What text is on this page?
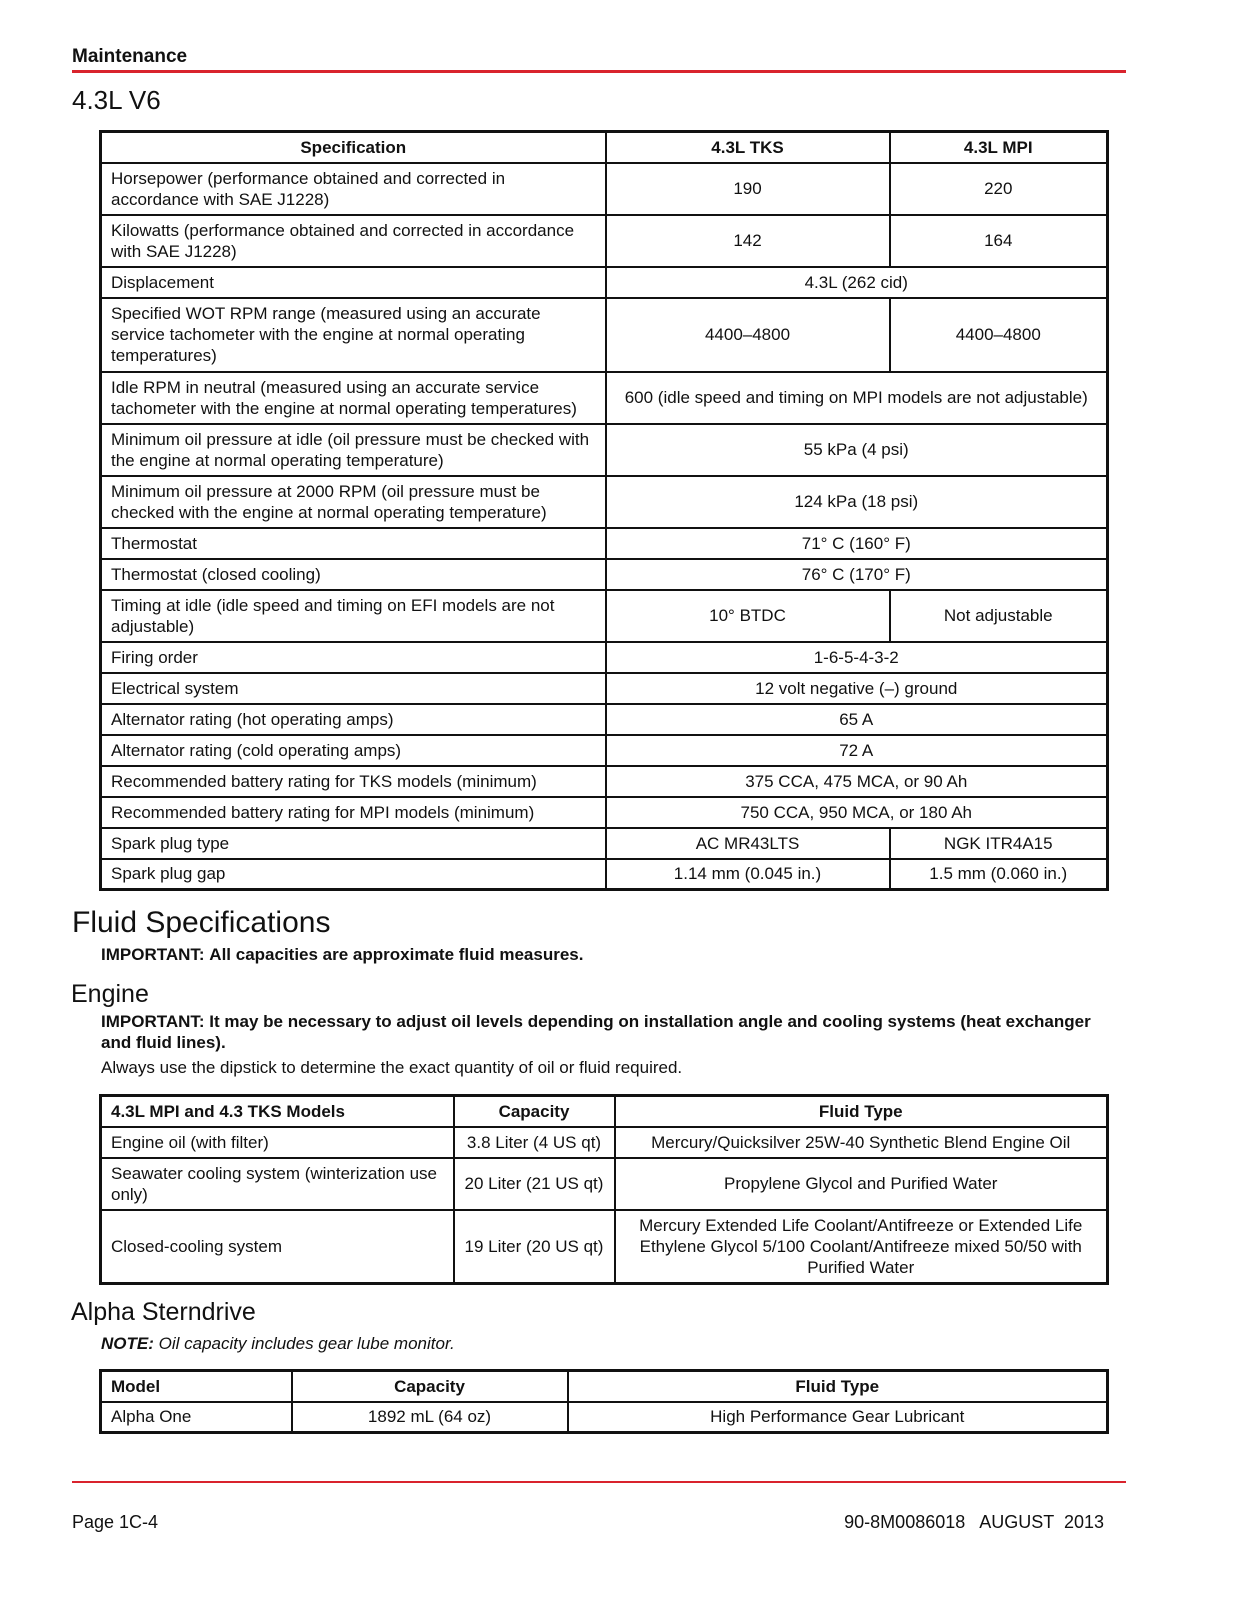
Maintenance
4.3L V6
Specification	4.3L TKS	4.3L MPI
Horsepower (performance obtained and corrected in accordance with SAE J1228)	190	220
Kilowatts (performance obtained and corrected in accordance with SAE J1228)	142	164
Displacement	4.3L (262 cid)	
Specified WOT RPM range (measured using an accurate service tachometer with the engine at normal operating temperatures)	4400–4800	4400–4800
Idle RPM in neutral (measured using an accurate service tachometer with the engine at normal operating temperatures)	600 (idle speed and timing on MPI models are not adjustable)	
Minimum oil pressure at idle (oil pressure must be checked with the engine at normal operating temperature)	55 kPa (4 psi)	
Minimum oil pressure at 2000 RPM (oil pressure must be checked with the engine at normal operating temperature)	124 kPa (18 psi)	
Thermostat	71° C (160° F)	
Thermostat (closed cooling)	76° C (170° F)	
Timing at idle (idle speed and timing on EFI models are not adjustable)	10° BTDC	Not adjustable
Firing order	1-6-5-4-3-2	
Electrical system	12 volt negative (–) ground	
Alternator rating (hot operating amps)	65 A	
Alternator rating (cold operating amps)	72 A	
Recommended battery rating for TKS models (minimum)	375 CCA, 475 MCA, or 90 Ah	
Recommended battery rating for MPI models (minimum)	750 CCA, 950 MCA, or 180 Ah	
Spark plug type	AC MR43LTS	NGK ITR4A15
Spark plug gap	1.14 mm (0.045 in.)	1.5 mm (0.060 in.)
Fluid Specifications
IMPORTANT: All capacities are approximate fluid measures.
Engine
IMPORTANT: It may be necessary to adjust oil levels depending on installation angle and cooling systems (heat exchanger and fluid lines).
Always use the dipstick to determine the exact quantity of oil or fluid required.
4.3L MPI and 4.3 TKS Models	Capacity	Fluid Type
Engine oil (with filter)	3.8 Liter (4 US qt)	Mercury/Quicksilver 25W-40 Synthetic Blend Engine Oil
Seawater cooling system (winterization use only)	20 Liter (21 US qt)	Propylene Glycol and Purified Water
Closed-cooling system	19 Liter (20 US qt)	Mercury Extended Life Coolant/Antifreeze or Extended Life Ethylene Glycol 5/100 Coolant/Antifreeze mixed 50/50 with Purified Water
Alpha Sterndrive
NOTE: Oil capacity includes gear lube monitor.
Model	Capacity	Fluid Type
Alpha One	1892 mL (64 oz)	High Performance Gear Lubricant
Page 1C-4	90-8M0086018   AUGUST  2013
